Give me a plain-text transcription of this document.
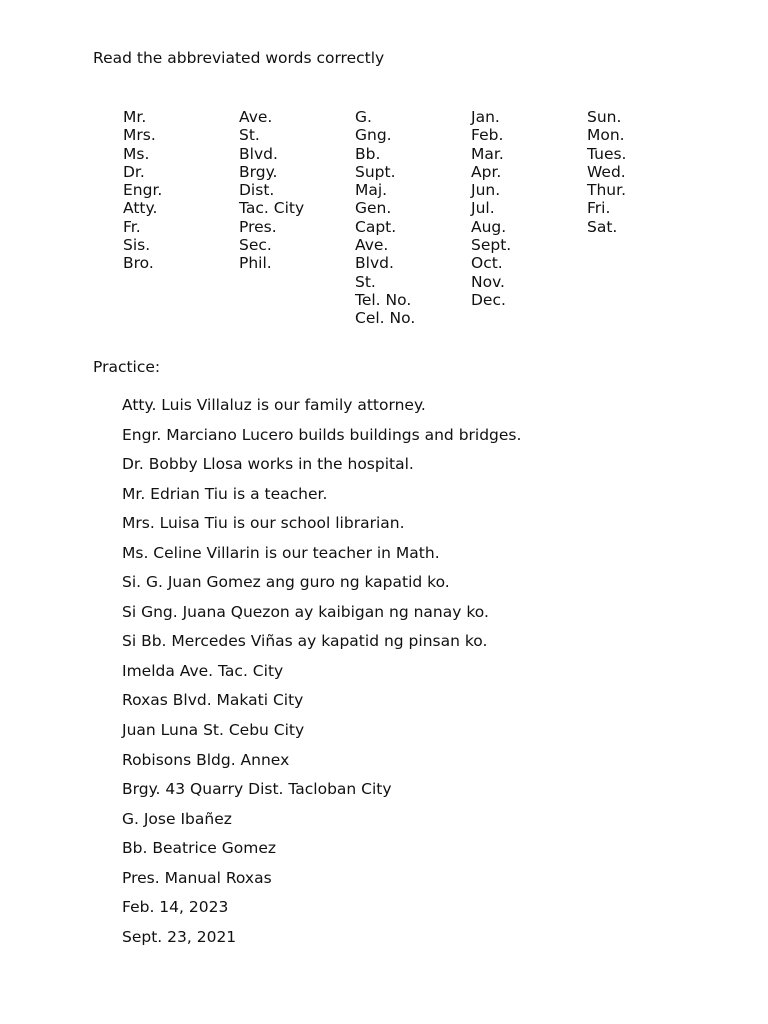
Read the abbreviated words correctly
Mr.
Mrs.
Ms.
Dr.
Engr.
Atty.
Fr.
Sis.
Bro.
Ave.
St.
Blvd.
Brgy.
Dist.
Tac. City
Pres.
Sec.
Phil.
G.
Gng.
Bb.
Supt.
Maj.
Gen.
Capt.
Ave.
Blvd.
St.
Tel. No.
Cel. No.
Jan.
Feb.
Mar.
Apr.
Jun.
Jul.
Aug.
Sept.
Oct.
Nov.
Dec.
Sun.
Mon.
Tues.
Wed.
Thur.
Fri.
Sat.
Practice:
Atty. Luis Villaluz is our family attorney.
Engr. Marciano Lucero builds buildings and bridges.
Dr. Bobby Llosa works in the hospital.
Mr. Edrian Tiu is a teacher.
Mrs. Luisa Tiu is our school librarian.
Ms. Celine Villarin is our teacher in Math.
Si. G. Juan Gomez ang guro ng kapatid ko.
Si Gng. Juana Quezon ay kaibigan ng nanay ko.
Si Bb. Mercedes Viñas ay kapatid ng pinsan ko.
Imelda Ave. Tac. City
Roxas Blvd. Makati City
Juan Luna St. Cebu City
Robisons Bldg. Annex
Brgy. 43 Quarry Dist. Tacloban City
G. Jose Ibañez
Bb. Beatrice Gomez
Pres. Manual Roxas
Feb. 14, 2023
Sept. 23, 2021
